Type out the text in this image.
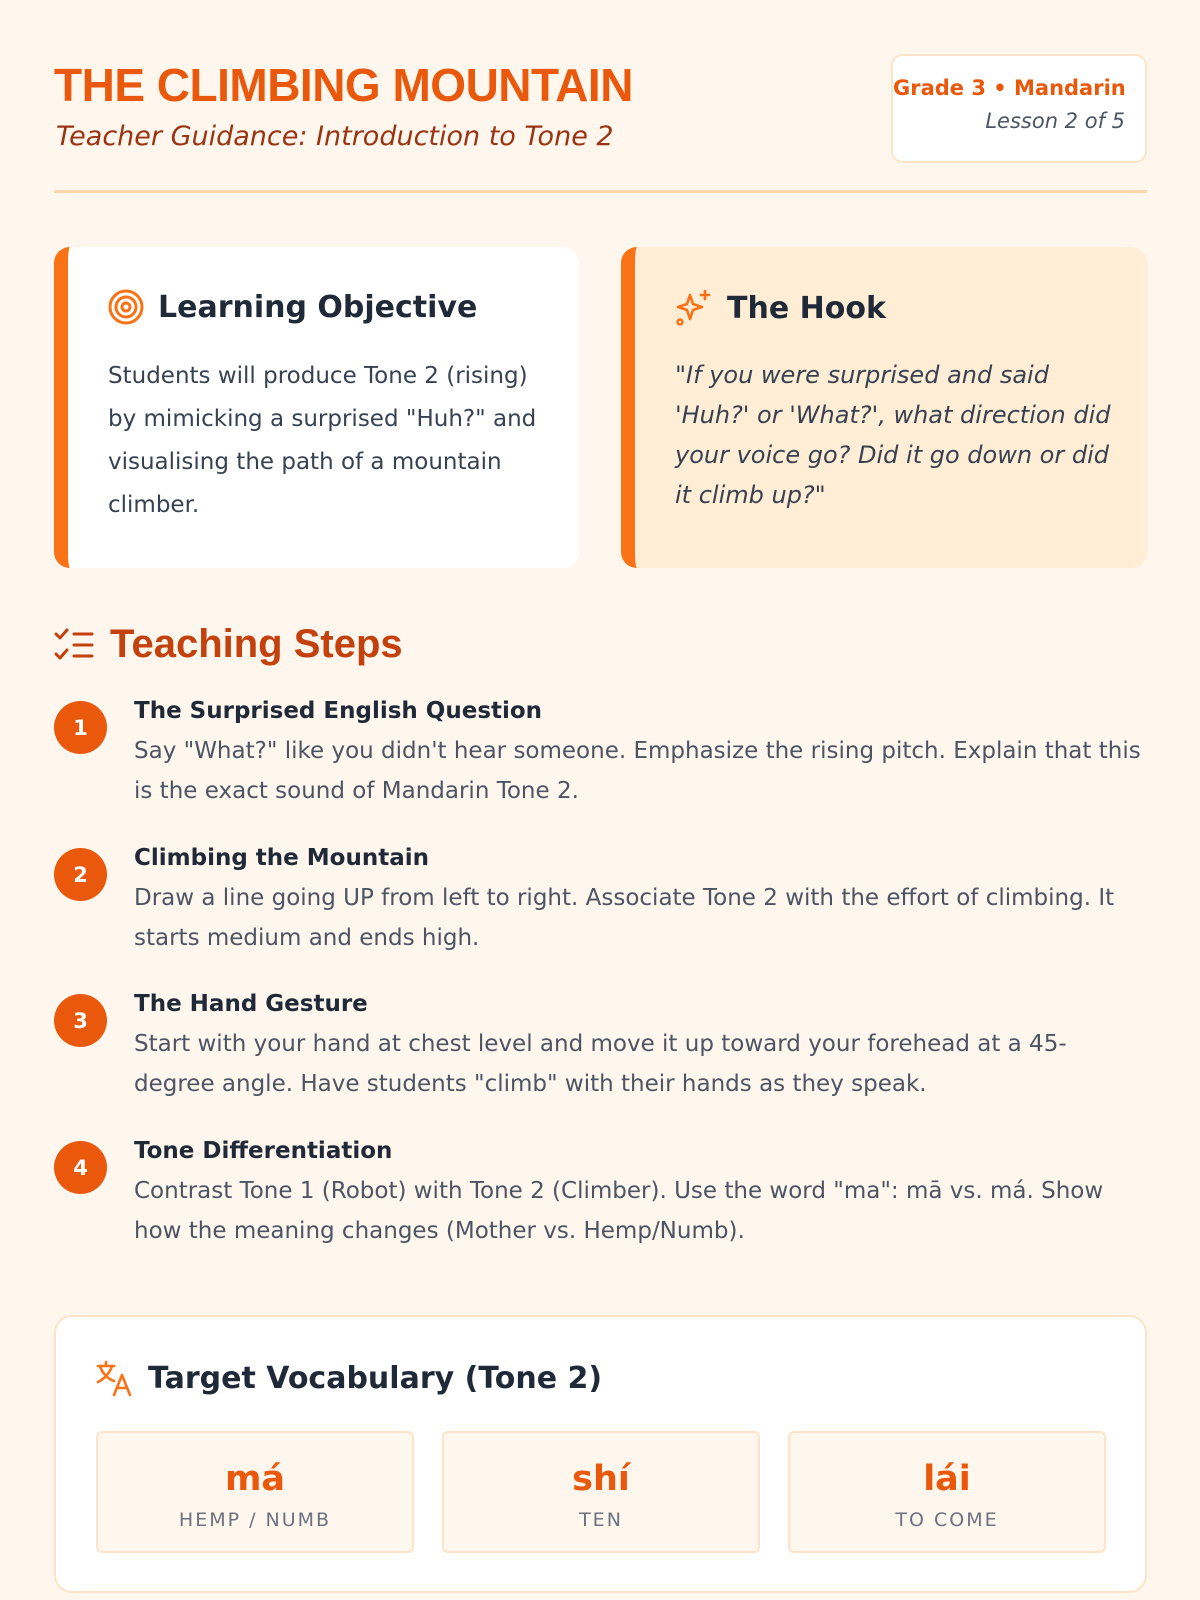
THE CLIMBING MOUNTAIN
Teacher Guidance: Introduction to Tone 2
Grade 3 • Mandarin
Lesson 2 of 5
Learning Objective
Students will produce Tone 2 (rising) by mimicking a surprised "Huh?" and visualising the path of a mountain climber.
The Hook
"If you were surprised and said 'Huh?' or 'What?', what direction did your voice go? Did it go down or did it climb up?"
Teaching Steps
1
The Surprised English Question
Say "What?" like you didn't hear someone. Emphasize the rising pitch. Explain that this is the exact sound of Mandarin Tone 2.
2
Climbing the Mountain
Draw a line going UP from left to right. Associate Tone 2 with the effort of climbing. It starts medium and ends high.
3
The Hand Gesture
Start with your hand at chest level and move it up toward your forehead at a 45-degree angle. Have students "climb" with their hands as they speak.
4
Tone Differentiation
Contrast Tone 1 (Robot) with Tone 2 (Climber). Use the word "ma": mā vs. má. Show how the meaning changes (Mother vs. Hemp/Numb).
Target Vocabulary (Tone 2)
má
HEMP / NUMB
shí
TEN
lái
TO COME
